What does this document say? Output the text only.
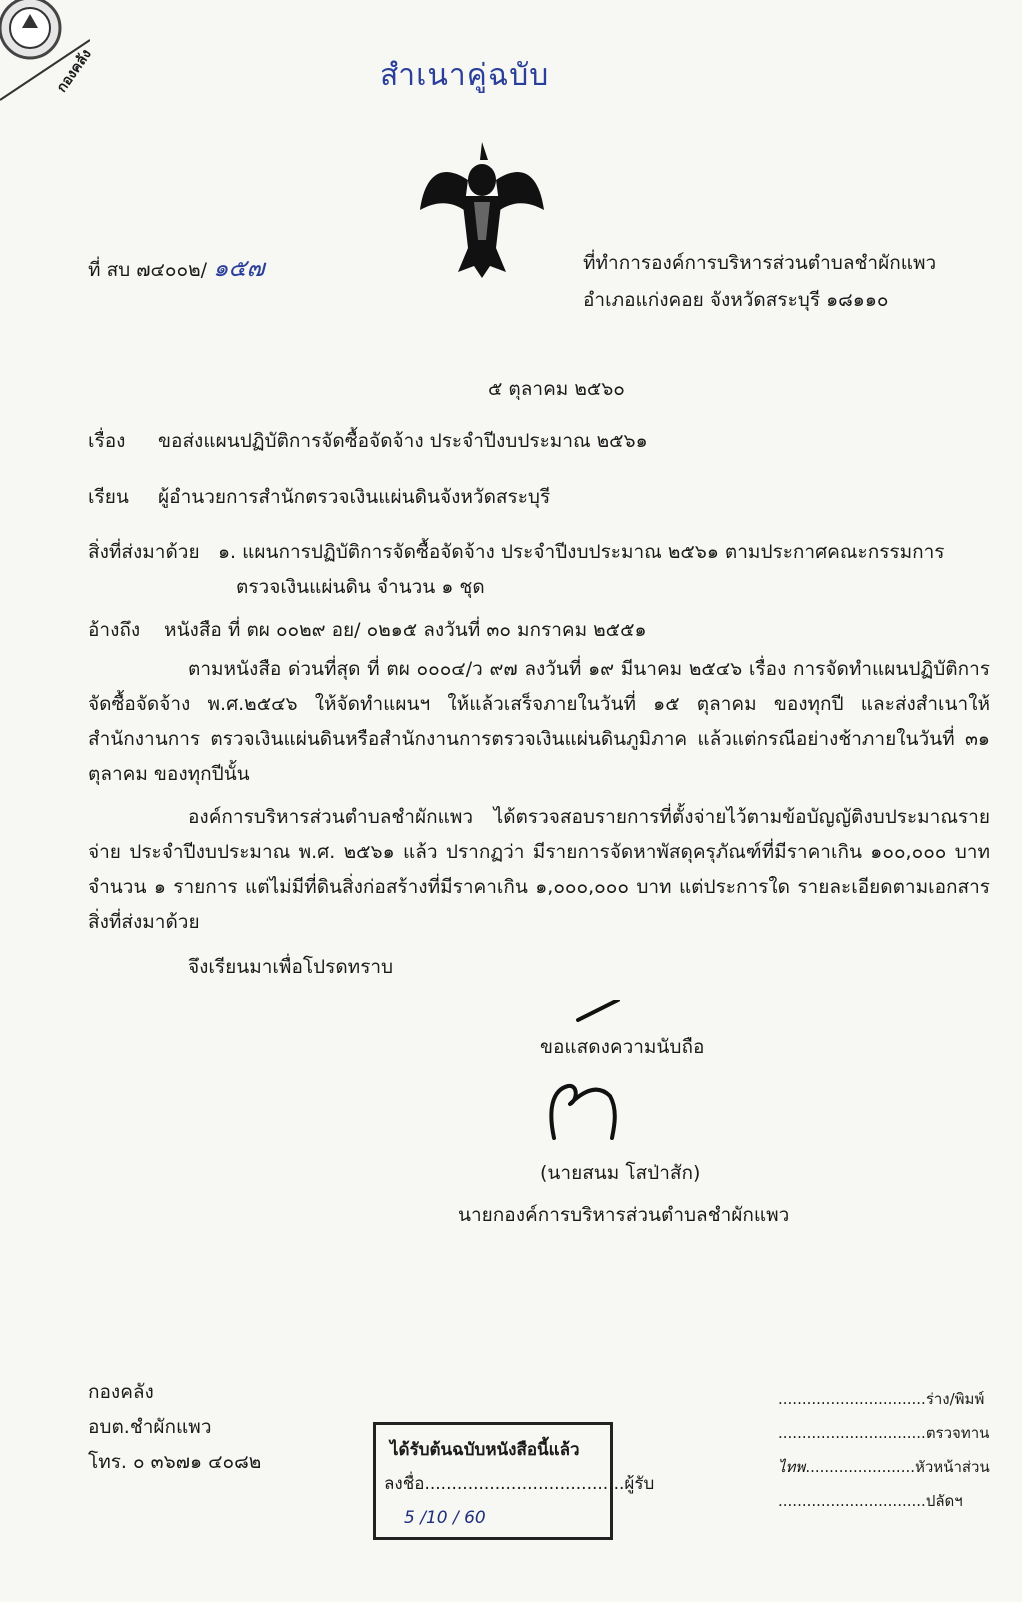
กองคลัง	สำเนาคู่ฉบับ
ที่ สบ ๗๔๐๐๒/ ๑๕๗	ที่ทำการองค์การบริหารส่วนตำบลชำผักแพว
อำเภอแก่งคอย จังหวัดสระบุรี ๑๘๑๑๐
๕ ตุลาคม ๒๕๖๐
เรื่อง ขอส่งแผนปฏิบัติการจัดซื้อจัดจ้าง ประจำปีงบประมาณ ๒๕๖๑
เรียน ผู้อำนวยการสำนักตรวจเงินแผ่นดินจังหวัดสระบุรี
สิ่งที่ส่งมาด้วย ๑. แผนการปฏิบัติการจัดซื้อจัดจ้าง ประจำปีงบประมาณ ๒๕๖๑ ตามประกาศคณะกรรมการ
ตรวจเงินแผ่นดิน จำนวน ๑ ชุด
อ้างถึง หนังสือ ที่ ตผ ๐๐๒๙ อย/ ๐๒๑๕ ลงวันที่ ๓๐ มกราคม ๒๕๕๑
ตามหนังสือ ด่วนที่สุด ที่ ตผ ๐๐๐๔/ว ๙๗ ลงวันที่ ๑๙ มีนาคม ๒๕๔๖ เรื่อง การจัดทำแผนปฏิบัติการ จัดซื้อจัดจ้าง พ.ศ.๒๕๔๖ ให้จัดทำแผนฯ ให้แล้วเสร็จภายในวันที่ ๑๕ ตุลาคม ของทุกปี และส่งสำเนาให้สำนักงานการ ตรวจเงินแผ่นดินหรือสำนักงานการตรวจเงินแผ่นดินภูมิภาค แล้วแต่กรณีอย่างช้าภายในวันที่ ๓๑ ตุลาคม ของทุกปีนั้น
องค์การบริหารส่วนตำบลชำผักแพว ได้ตรวจสอบรายการที่ตั้งจ่ายไว้ตามข้อบัญญัติงบประมาณรายจ่าย ประจำปีงบประมาณ พ.ศ. ๒๕๖๑ แล้ว ปรากฏว่า มีรายการจัดหาพัสดุครุภัณฑ์ที่มีราคาเกิน ๑๐๐,๐๐๐ บาท จำนวน ๑ รายการ แต่ไม่มีที่ดินสิ่งก่อสร้างที่มีราคาเกิน ๑,๐๐๐,๐๐๐ บาท แต่ประการใด รายละเอียดตามเอกสารสิ่งที่ส่งมาด้วย
จึงเรียนมาเพื่อโปรดทราบ
ขอแสดงความนับถือ
(นายสนม โสป่าสัก)
นายกองค์การบริหารส่วนตำบลชำผักแพว
กองคลัง
อบต.ชำผักแพว
โทร. ๐ ๓๖๗๑ ๔๐๘๒
ได้รับต้นฉบับหนังสือนี้แล้ว
ลงชื่อ.....................................ผู้รับ
5 /10 / 60
...............................ร่าง/พิมพ์
...............................ตรวจทาน
ไทพ.......................หัวหน้าส่วน
...............................ปลัดฯ
